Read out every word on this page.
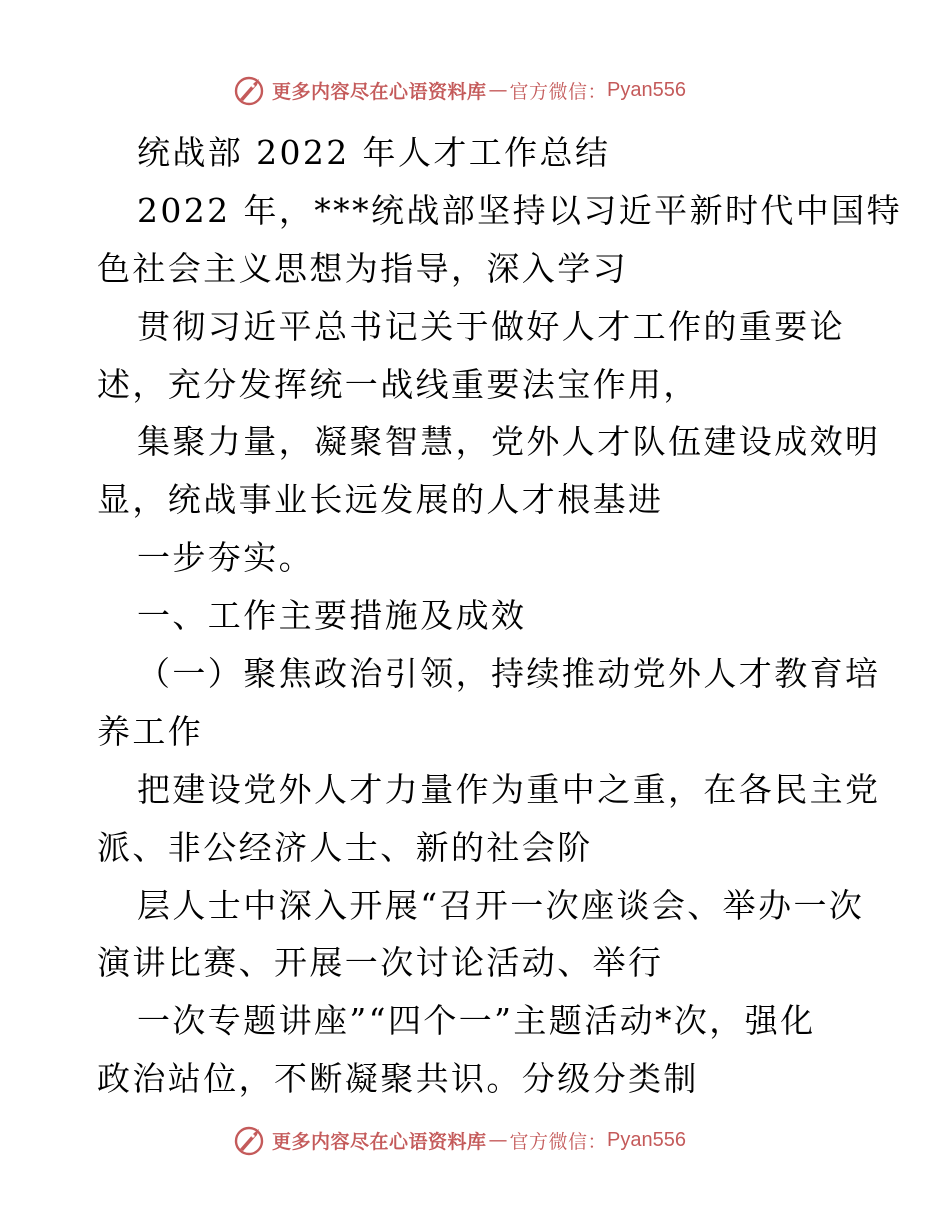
更多内容尽在心语资料库 — 官方微信： Pyan556
统战部 2022 年人才工作总结
2022 年，***统战部坚持以习近平新时代中国特
色社会主义思想为指导，深入学习
贯彻习近平总书记关于做好人才工作的重要论
述，充分发挥统一战线重要法宝作用，
集聚力量，凝聚智慧，党外人才队伍建设成效明
显，统战事业长远发展的人才根基进
一步夯实。
一、工作主要措施及成效
（一）聚焦政治引领，持续推动党外人才教育培
养工作
把建设党外人才力量作为重中之重，在各民主党
派、非公经济人士、新的社会阶
层人士中深入开展“召开一次座谈会、举办一次
演讲比赛、开展一次讨论活动、举行
一次专题讲座”“四个一”主题活动*次，强化
政治站位，不断凝聚共识。分级分类制
更多内容尽在心语资料库 — 官方微信： Pyan556
